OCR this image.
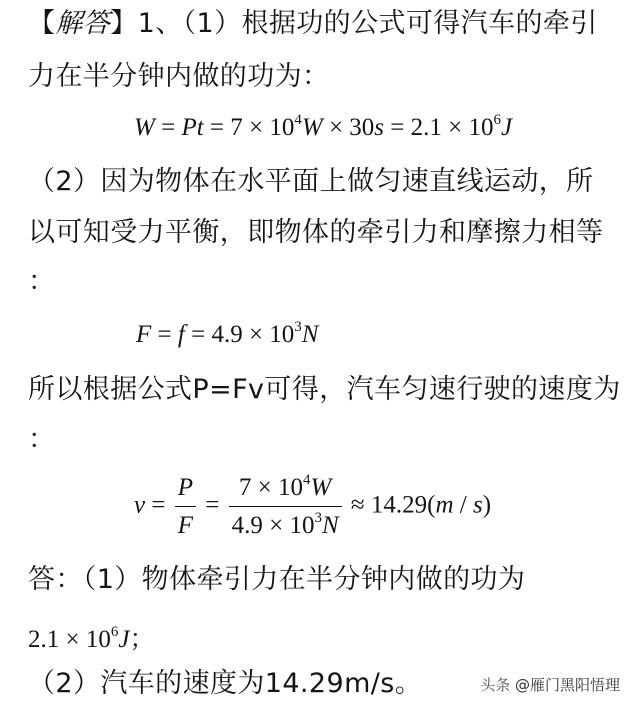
【解答】1、（1）根据功的公式可得汽车的牵引
力在半分钟内做的功为：
$W = Pt = 7 \times 10^4W \times 30s = 2.1 \times 10^6J$
（2）因为物体在水平面上做匀速直线运动，所
以可知受力平衡，即物体的牵引力和摩擦力相等
：
$F = f = 4.9 \times 10^3N$
所以根据公式P=Fv可得，汽车匀速行驶的速度为
：
$v = \frac{P}{F} = \frac{7 \times 10^4W}{4.9 \times 10^3N} \approx 14.29(m / s)$
答：（1）物体牵引力在半分钟内做的功为
$2.1 \times 10^6J$；
（2）汽车的速度为14.29m/s。	头条 @雁门黑阳悟理
